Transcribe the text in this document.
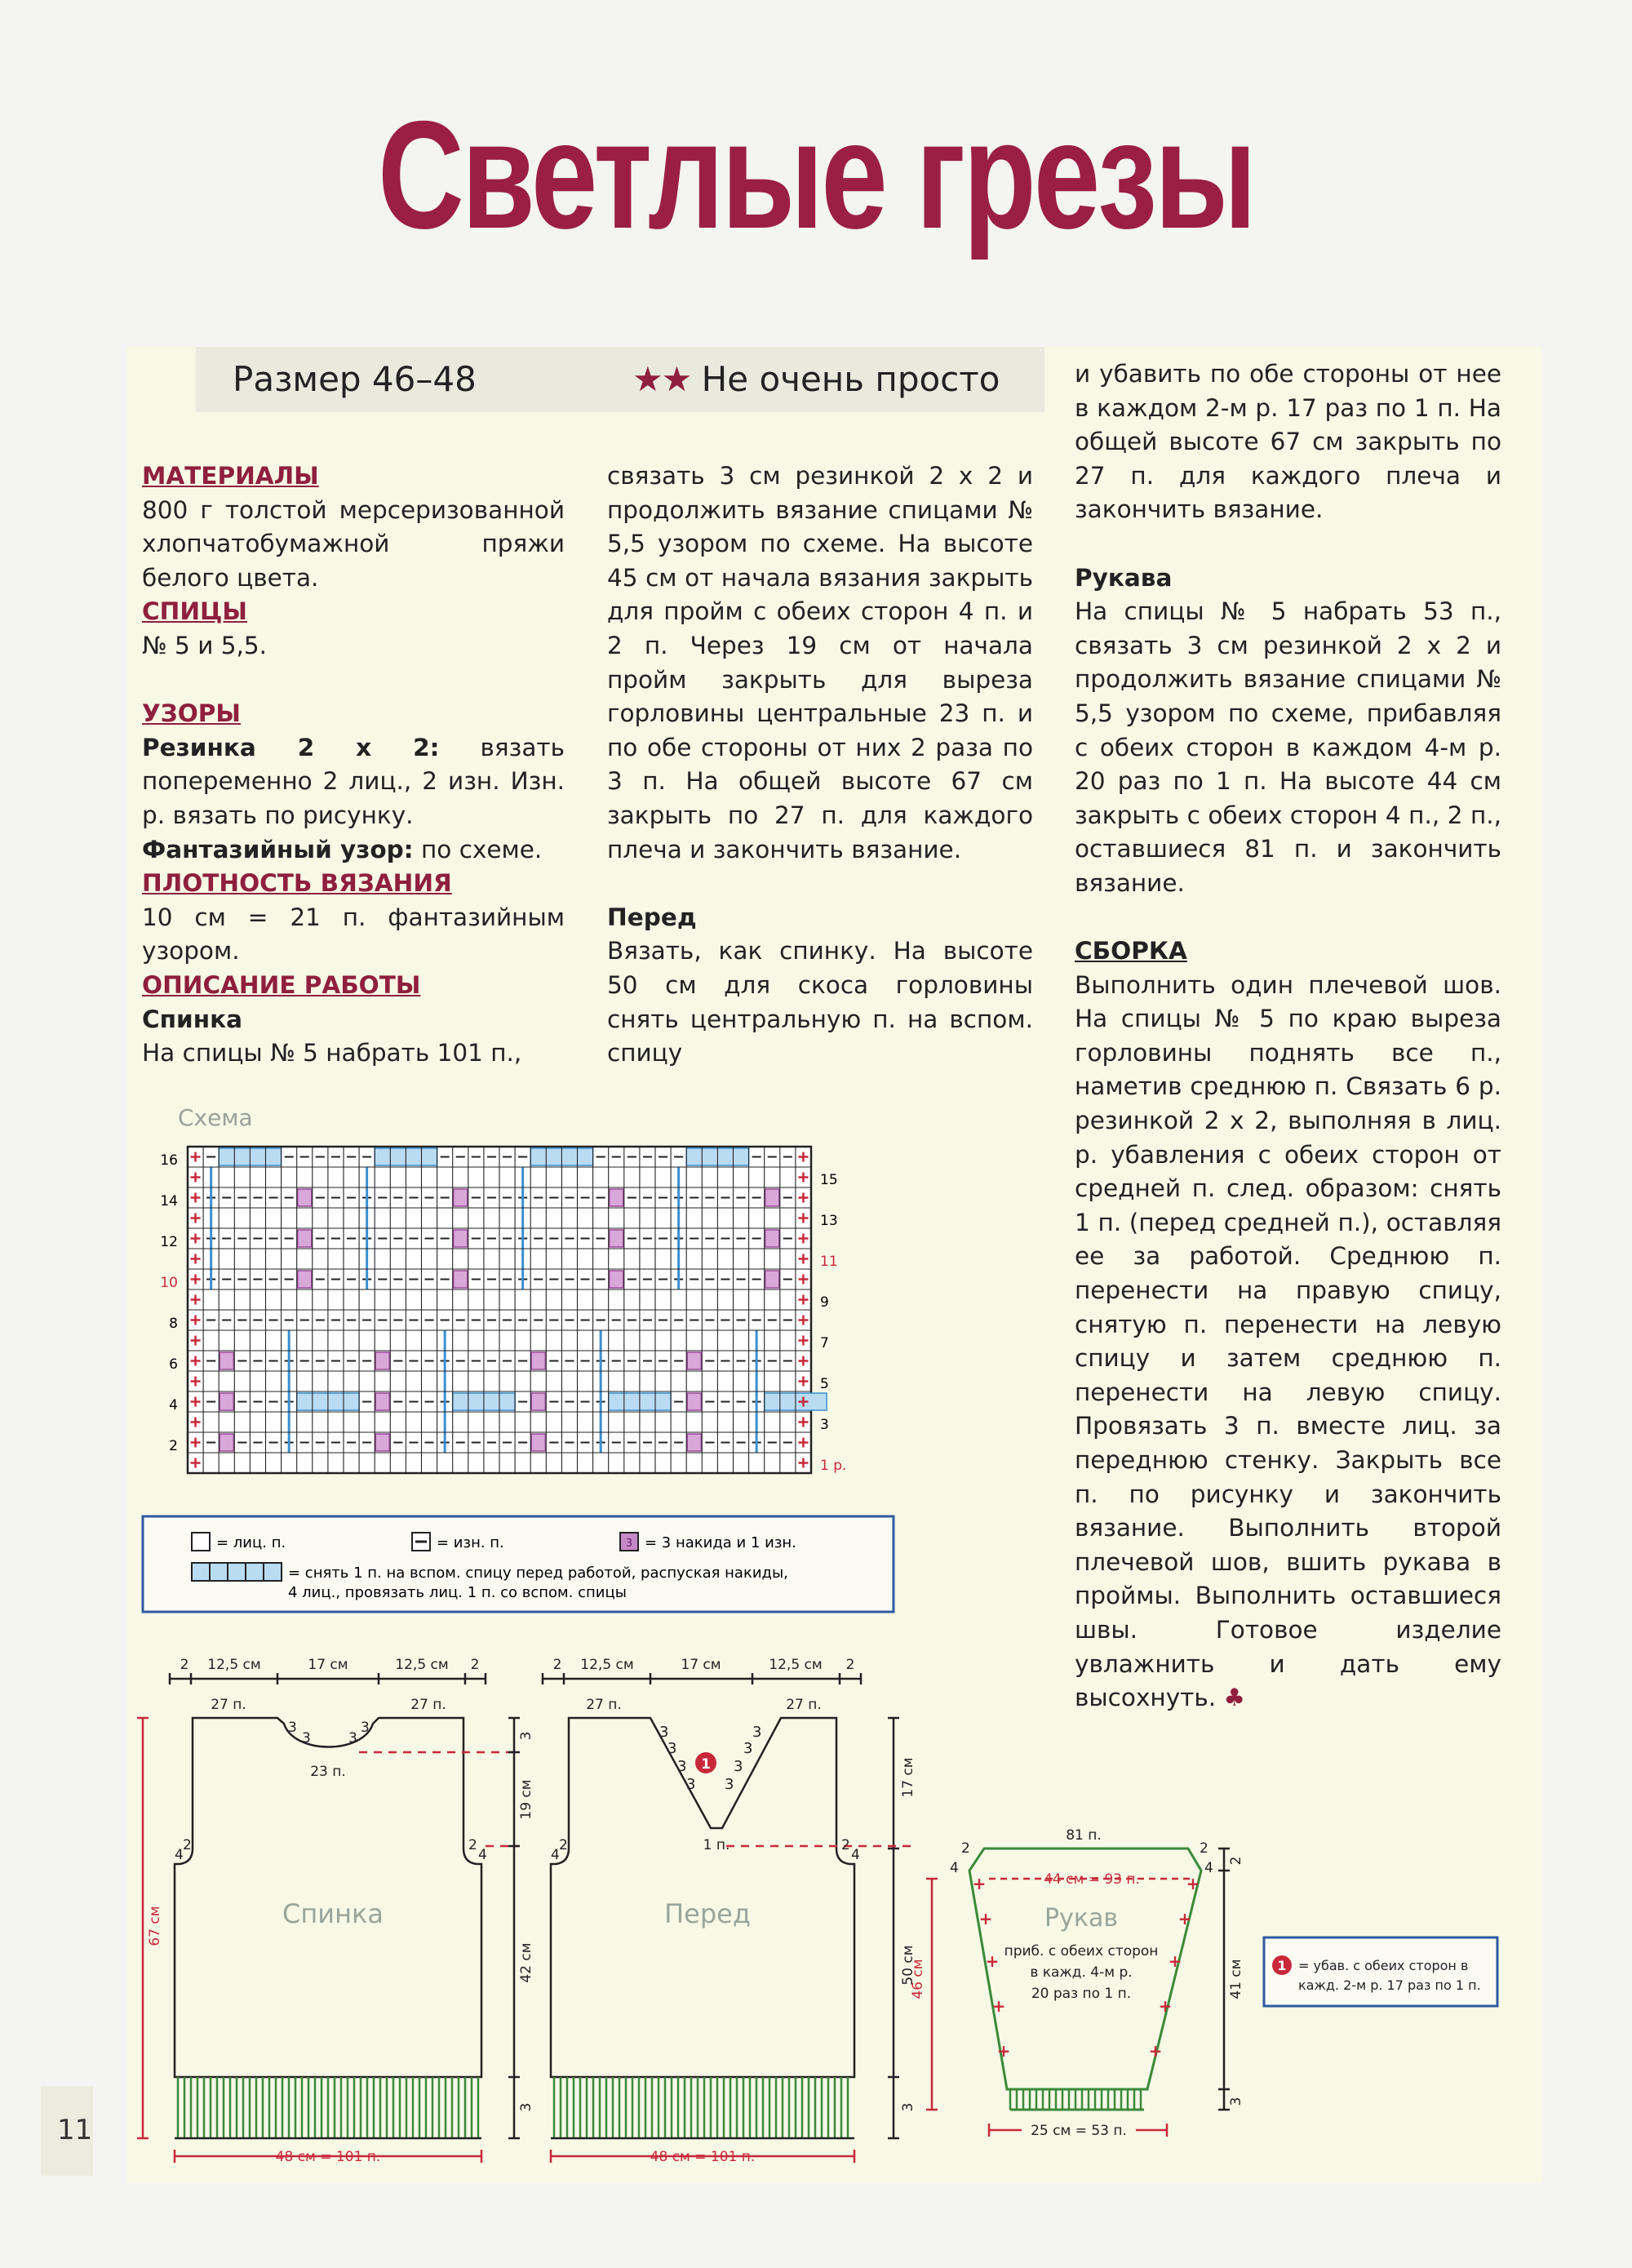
Светлые грезы
Размер 46–48	★★ Не очень просто

МАТЕРИАЛЫ

800 г толстой мерсеризованной хлопчатобумажной пряжи белого цвета.

СПИЦЫ

№ 5 и 5,5.

УЗОРЫ

Резинка 2 х 2: вязать попеременно 2 лиц., 2 изн. Изн. р. вязать по рисунку.

Фантазийный узор: по схеме.

ПЛОТНОСТЬ ВЯЗАНИЯ

10 см = 21 п. фантазийным узором.

ОПИСАНИЕ РАБОТЫ

Спинка

На спицы № 5 набрать 101 п.,

связать 3 см резинкой 2 х 2 и продолжить вязание спицами № 5,5 узором по схеме. На высоте 45 см от начала вязания закрыть для пройм с обеих сторон 4 п. и 2 п. Через 19 см от начала пройм закрыть для выреза горловины центральные 23 п. и по обе стороны от них 2 раза по 3 п. На общей высоте 67 см закрыть по 27 п. для каждого плеча и закончить вязание.

Перед

Вязать, как спинку. На высоте 50 см для скоса горловины снять центральную п. на вспом. спицу

и убавить по обе стороны от нее в каждом 2-м р. 17 раз по 1 п. На общей высоте 67 см закрыть по 27 п. для каждого плеча и закончить вязание.

Рукава

На спицы № 5 набрать 53 п., связать 3 см резинкой 2 х 2 и продолжить вязание спицами № 5,5 узором по схеме, прибавляя с обеих сторон в каждом 4-м р. 20 раз по 1 п. На высоте 44 см закрыть с обеих сторон 4 п., 2 п., оставшиеся 81 п. и закончить вязание.

СБОРКА

Выполнить один плечевой шов. На спицы № 5 по краю выреза горловины поднять все п., наметив среднюю п. Связать 6 р. резинкой 2 х 2, выполняя в лиц. р. убавления с обеих сторон от средней п. след. образом: снять 1 п. (перед средней п.), оставляя ее за работой. Среднюю п. перенести на правую спицу, снятую п. перенести на левую спицу и затем среднюю п. перенести на левую спицу. Провязать 3 п. вместе лиц. за переднюю стенку. Закрыть все п. по рисунку и закончить вязание. Выполнить второй плечевой шов, вшить рукава в проймы. Выполнить оставшиеся швы. Готовое изделие увлажнить и дать ему высохнуть. ♣

Схема
16
14
12
10
8
6
4
2
15
13
11
9
7
5
3
1 р.
= лиц. п.	= изн. п.	3 = 3 накида и 1 изн.
= снять 1 п. на вспом. спицу перед работой, распуская накиды,
4 лиц., провязать лиц. 1 п. со вспом. спицы
2 12,5 см	17 см	12,5 см 2
27 п.	27 п.
3
3	3
3
23 п.
4
2	2
4
Спинка
67 см
3
19 см
42 см
3
48 см = 101 п.
3
3
3
3
3
3
3
3
1
2 12,5 см	17 см	12,5 см 2
27 п.	27 п.
1 п.
4
2	2
4
Перед
17 см
50 см
3
48 см = 101 п.
+
+
+
+
+
+
+
+
+
+
81 п.
2
4
2
4
приб. с обеих сторон
в кажд. 4-м р.
20 раз по 1 п.
44 см = 93 п.
Рукав
46 см
2
41 см
3
25 см = 53 п.
1 = убав. с обеих сторон в
кажд. 2-м р. 17 раз по 1 п.
11
